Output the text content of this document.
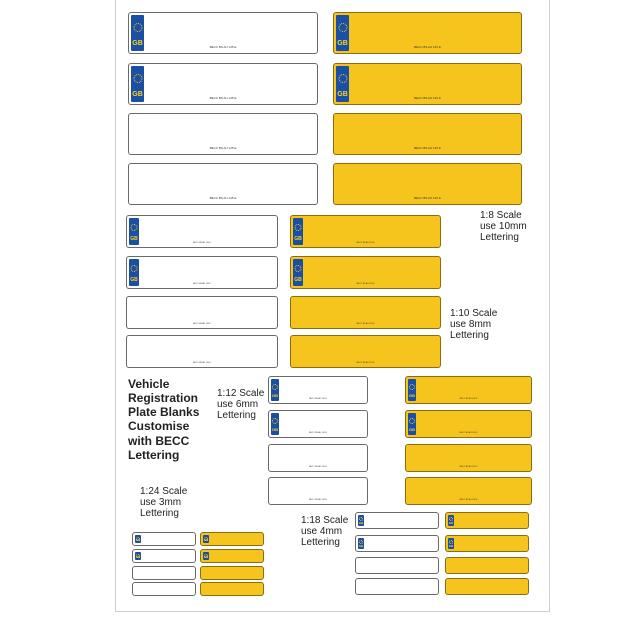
GB
BECC BS AU 145 E
GB
BECC BS AU 145 E
BECC BS AU 145 E
BECC BS AU 145 E
GB
BECC BS AU 145 E
GB
BECC BS AU 145 E
BECC BS AU 145 E
BECC BS AU 145 E
GB
BECC BS AU 145 E
GB
BECC BS AU 145 E
BECC BS AU 145 E
BECC BS AU 145 E
GB
BECC BS AU 145 E
GB
BECC BS AU 145 E
BECC BS AU 145 E
BECC BS AU 145 E
GB
BECC BS AU 145 E
GB
BECC BS AU 145 E
BECC BS AU 145 E
BECC BS AU 145 E
GB
BECC BS AU 145 E
GB
BECC BS AU 145 E
BECC BS AU 145 E
BECC BS AU 145 E
GB
GB
GB
GB
GB
GB
GB
GB
Vehicle
Registration
Plate Blanks
Customise
with BECC
Lettering
1:8 Scale
use 10mm
Lettering
1:10 Scale
use 8mm
Lettering
1:12 Scale
use 6mm
Lettering
1:24 Scale
use 3mm
Lettering
1:18 Scale
use 4mm
Lettering
